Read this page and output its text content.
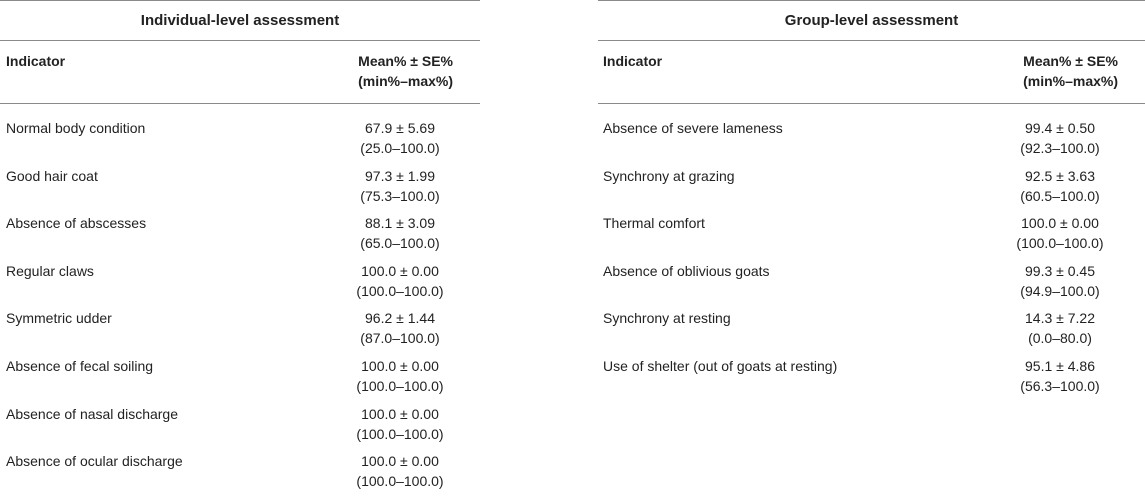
Individual-level assessment
Indicator	Mean% ± SE%
(min%–max%)
Normal body condition	67.9 ± 5.69
(25.0–100.0)
Good hair coat	97.3 ± 1.99
(75.3–100.0)
Absence of abscesses	88.1 ± 3.09
(65.0–100.0)
Regular claws	100.0 ± 0.00
(100.0–100.0)
Symmetric udder	96.2 ± 1.44
(87.0–100.0)
Absence of fecal soiling	100.0 ± 0.00
(100.0–100.0)
Absence of nasal discharge	100.0 ± 0.00
(100.0–100.0)
Absence of ocular discharge	100.0 ± 0.00
(100.0–100.0)
Group-level assessment
Indicator	Mean% ± SE%
(min%–max%)
Absence of severe lameness	99.4 ± 0.50
(92.3–100.0)
Synchrony at grazing	92.5 ± 3.63
(60.5–100.0)
Thermal comfort	100.0 ± 0.00
(100.0–100.0)
Absence of oblivious goats	99.3 ± 0.45
(94.9–100.0)
Synchrony at resting	14.3 ± 7.22
(0.0–80.0)
Use of shelter (out of goats at resting)	95.1 ± 4.86
(56.3–100.0)
